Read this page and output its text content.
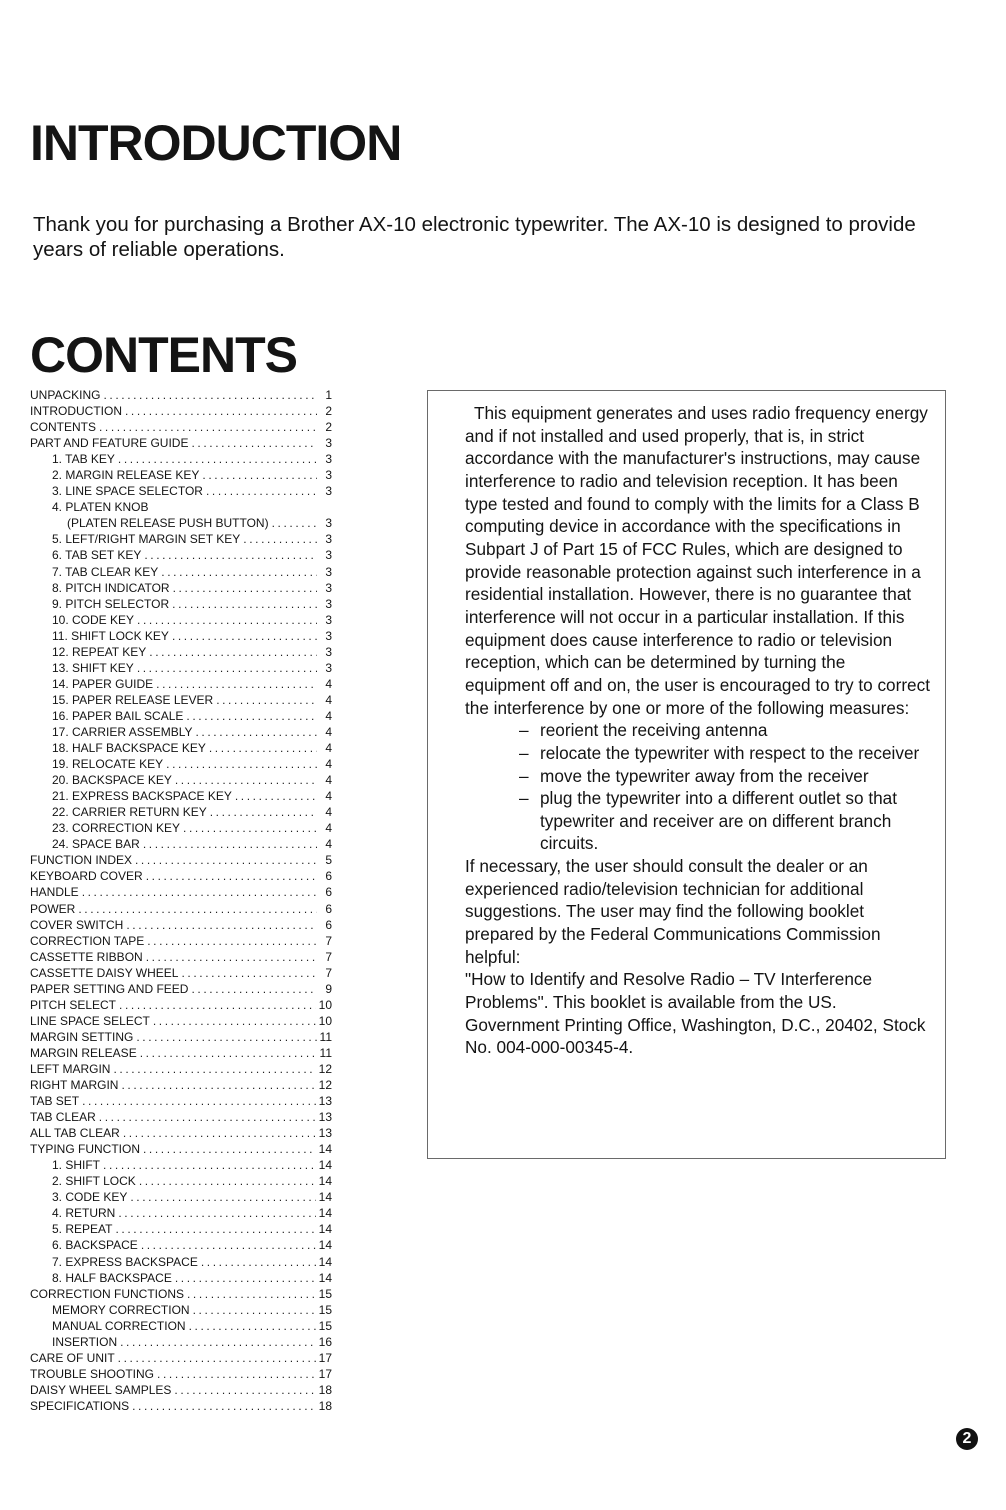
INTRODUCTION

Thank you for purchasing a Brother AX-10 electronic typewriter. The AX-10 is designed to provide years of reliable operations.

CONTENTS
UNPACKING .....	1
INTRODUCTION .....	2
CONTENTS .....	2
PART AND FEATURE GUIDE .....	3
1. TAB KEY .....	3
2. MARGIN RELEASE KEY .....	3
3. LINE SPACE SELECTOR .....	3
4. PLATEN KNOB
(PLATEN RELEASE PUSH BUTTON) .....	3
5. LEFT/RIGHT MARGIN SET KEY .....	3
6. TAB SET KEY .....	3
7. TAB CLEAR KEY .....	3
8. PITCH INDICATOR .....	3
9. PITCH SELECTOR .....	3
10. CODE KEY .....	3
11. SHIFT LOCK KEY .....	3
12. REPEAT KEY .....	3
13. SHIFT KEY .....	3
14. PAPER GUIDE .....	4
15. PAPER RELEASE LEVER .....	4
16. PAPER BAIL SCALE .....	4
17. CARRIER ASSEMBLY .....	4
18. HALF BACKSPACE KEY .....	4
19. RELOCATE KEY .....	4
20. BACKSPACE KEY .....	4
21. EXPRESS BACKSPACE KEY .....	4
22. CARRIER RETURN KEY .....	4
23. CORRECTION KEY .....	4
24. SPACE BAR .....	4
FUNCTION INDEX .....	5
KEYBOARD COVER .....	6
HANDLE .....	6
POWER .....	6
COVER SWITCH .....	6
CORRECTION TAPE .....	7
CASSETTE RIBBON .....	7
CASSETTE DAISY WHEEL .....	7
PAPER SETTING AND FEED .....	9
PITCH SELECT .....	10
LINE SPACE SELECT .....	10
MARGIN SETTING .....	11
MARGIN RELEASE .....	11
LEFT MARGIN .....	12
RIGHT MARGIN .....	12
TAB SET .....	13
TAB CLEAR .....	13
ALL TAB CLEAR .....	13
TYPING FUNCTION .....	14
1. SHIFT .....	14
2. SHIFT LOCK .....	14
3. CODE KEY .....	14
4. RETURN .....	14
5. REPEAT .....	14
6. BACKSPACE .....	14
7. EXPRESS BACKSPACE .....	14
8. HALF BACKSPACE .....	14
CORRECTION FUNCTIONS .....	15
MEMORY CORRECTION .....	15
MANUAL CORRECTION .....	15
INSERTION .....	16
CARE OF UNIT .....	17
TROUBLE SHOOTING .....	17
DAISY WHEEL SAMPLES .....	18
SPECIFICATIONS .....	18
This equipment generates and uses radio frequency energy and if not installed and used properly, that is, in strict accordance with the manufacturer's instructions, may cause interference to radio and television reception. It has been type tested and found to comply with the limits for a Class B computing device in accordance with the specifications in Subpart J of Part 15 of FCC Rules, which are designed to provide reasonable protection against such interference in a residential installation. However, there is no guarantee that interference will not occur in a particular installation. If this equipment does cause interference to radio or television reception, which can be determined by turning the equipment off and on, the user is encouraged to try to correct the interference by one or more of the following measures:
– reorient the receiving antenna
– relocate the typewriter with respect to the receiver
– move the typewriter away from the receiver
– plug the typewriter into a different outlet so that typewriter and receiver are on different branch circuits.
If necessary, the user should consult the dealer or an experienced radio/television technician for additional suggestions. The user may find the following booklet prepared by the Federal Communications Commission helpful:
"How to Identify and Resolve Radio – TV Interference Problems". This booklet is available from the US. Government Printing Office, Washington, D.C., 20402, Stock No. 004-000-00345-4.
2
